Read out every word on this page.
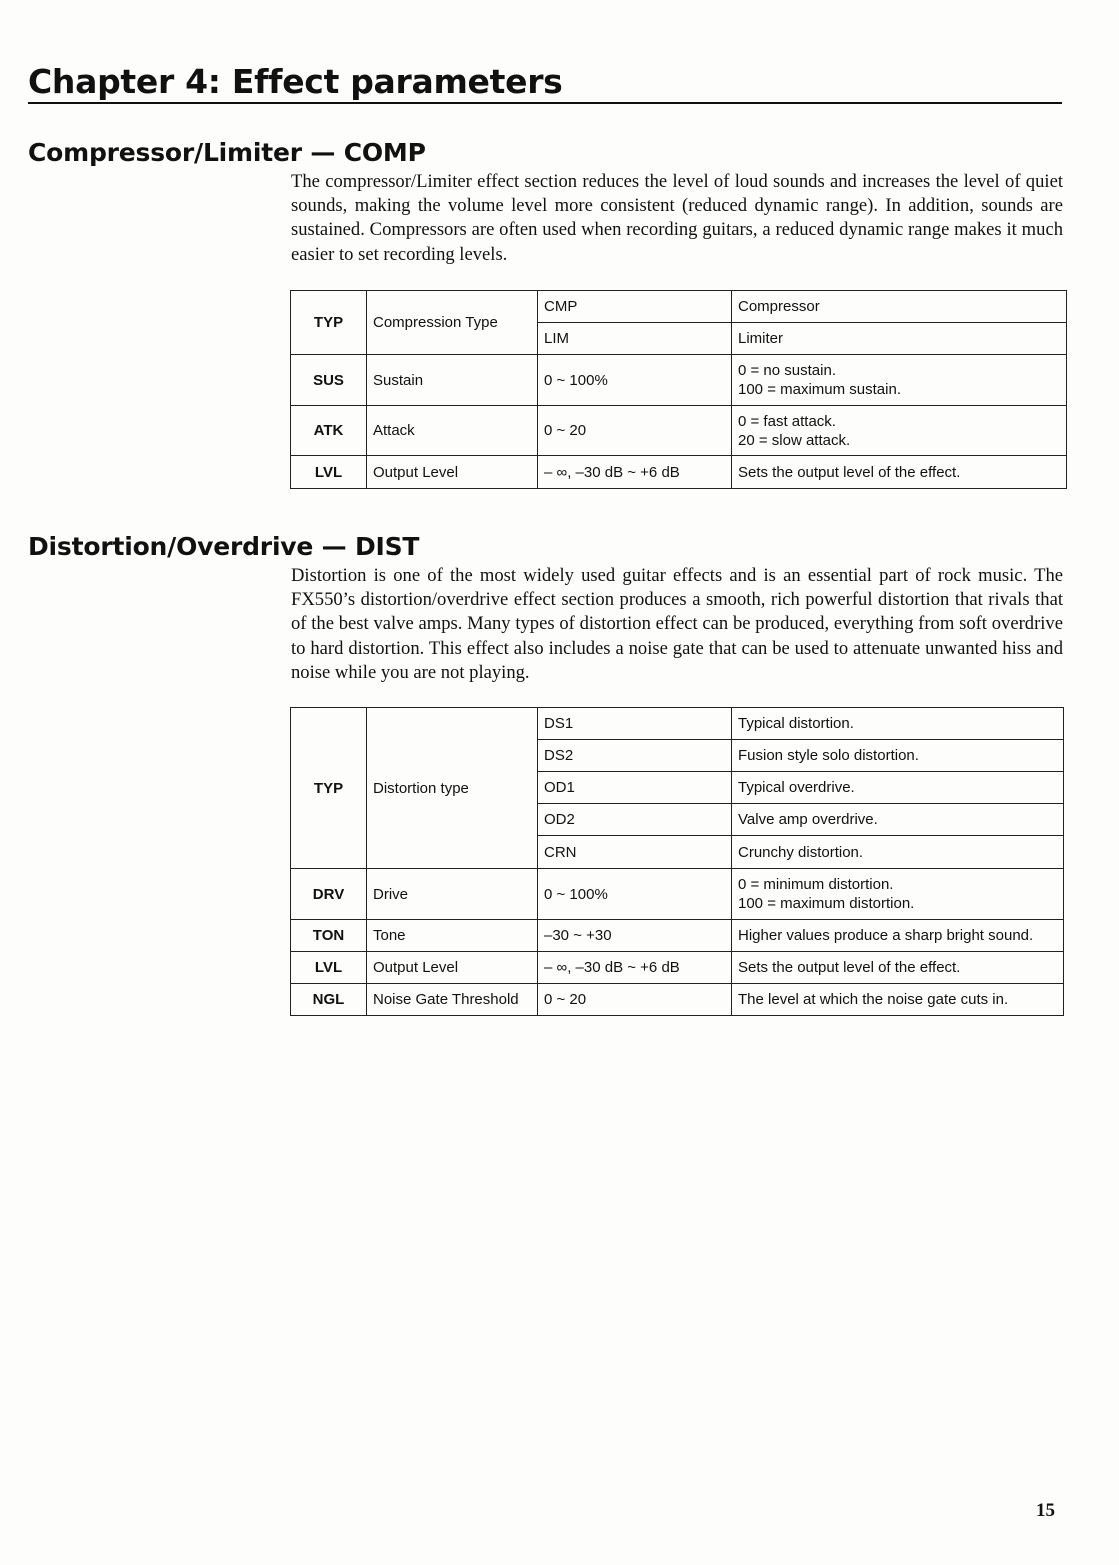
Chapter 4: Effect parameters
Compressor/Limiter — COMP

The compressor/Limiter effect section reduces the level of loud sounds and increases the level of quiet sounds, making the volume level more consistent (reduced dynamic range). In addition, sounds are sustained. Compressors are often used when recording guitars, a reduced dynamic range makes it much easier to set recording levels.

TYP	Compression Type	CMP	Compressor
		LIM	Limiter
SUS	Sustain	0 ~ 100%	0 = no sustain.
100 = maximum sustain.
ATK	Attack	0 ~ 20	0 = fast attack.
20 = slow attack.
LVL	Output Level	– ∞, –30 dB ~ +6 dB	Sets the output level of the effect.
Distortion/Overdrive — DIST

Distortion is one of the most widely used guitar effects and is an essential part of rock music. The FX550’s distortion/overdrive effect section produces a smooth, rich powerful distortion that rivals that of the best valve amps. Many types of distortion effect can be produced, everything from soft overdrive to hard distortion. This effect also includes a noise gate that can be used to attenuate unwanted hiss and noise while you are not playing.

TYP	Distortion type	DS1	Typical distortion.
		DS2	Fusion style solo distortion.
		OD1	Typical overdrive.
		OD2	Valve amp overdrive.
		CRN	Crunchy distortion.
DRV	Drive	0 ~ 100%	0 = minimum distortion.
100 = maximum distortion.
TON	Tone	–30 ~ +30	Higher values produce a sharp bright sound.
LVL	Output Level	– ∞, –30 dB ~ +6 dB	Sets the output level of the effect.
NGL	Noise Gate Threshold	0 ~ 20	The level at which the noise gate cuts in.
15
